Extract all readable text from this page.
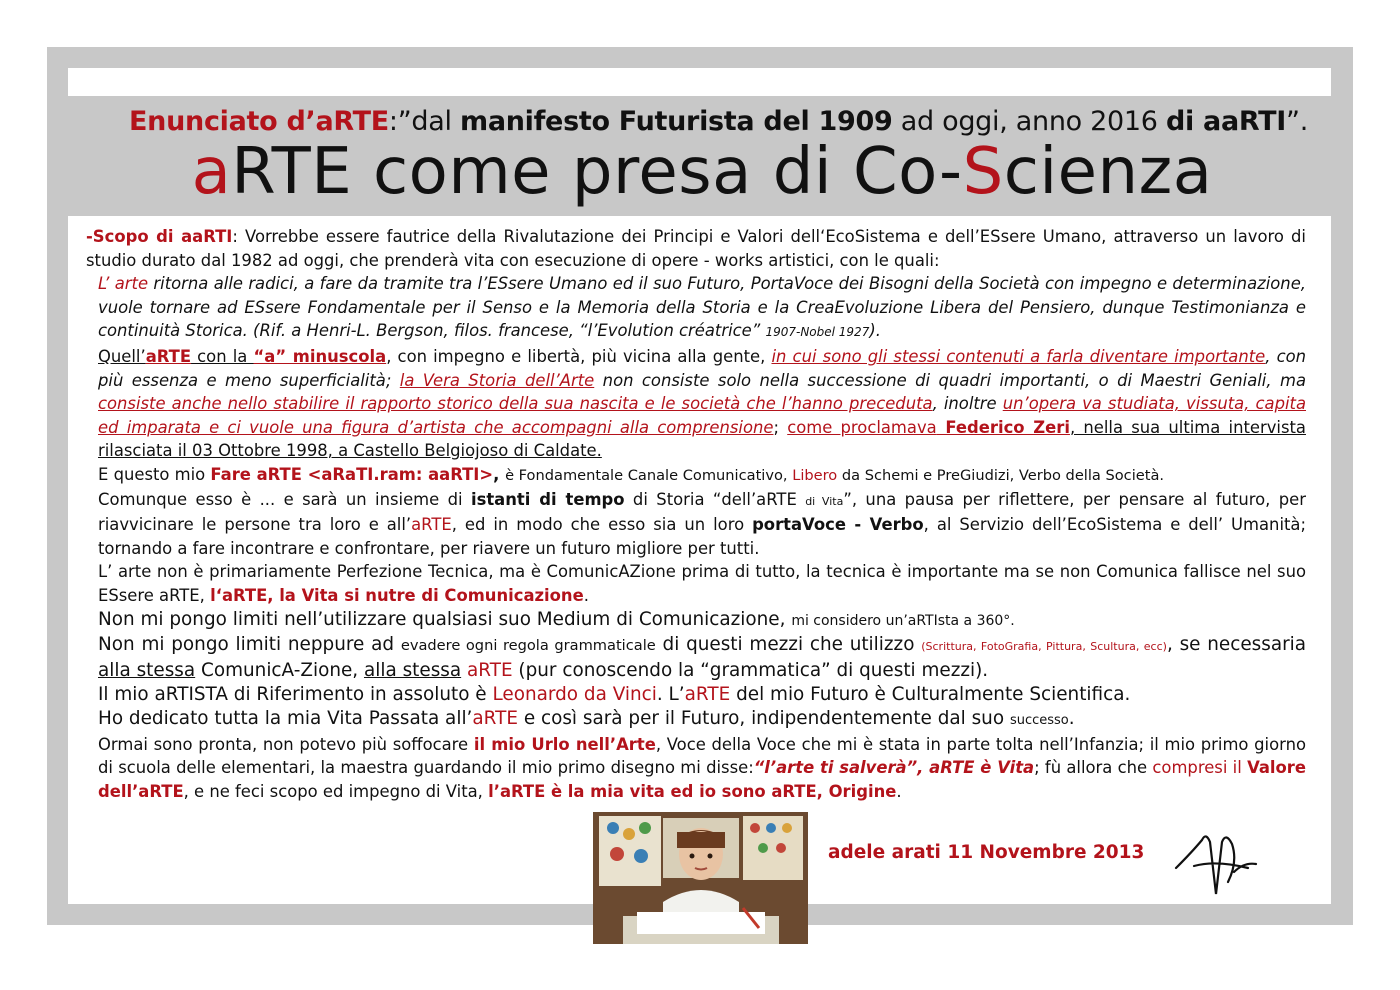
Enunciato d’aRTE:”dal manifesto Futurista del 1909 ad oggi, anno 2016 di aaRTI”.
aRTE come presa di Co-Scienza

-Scopo di aaRTI: Vorrebbe essere fautrice della Rivalutazione dei Principi e Valori dell‘EcoSistema e dell’ESsere Umano, attraverso un lavoro di studio durato dal 1982 ad oggi, che prenderà vita con esecuzione di opere - works artistici, con le quali:

L’ arte ritorna alle radici, a fare da tramite tra l’ESsere Umano ed il suo Futuro, PortaVoce dei Bisogni della Società con impegno e determinazione, vuole tornare ad ESsere Fondamentale per il Senso e la Memoria della Storia e la CreaEvoluzione Libera del Pensiero, dunque Testimonianza e continuità Storica. (Rif. a Henri-L. Bergson, filos. francese, “l’Evolution créatrice” 1907-Nobel 1927).

Quell’aRTE con la “a” minuscola, con impegno e libertà, più vicina alla gente, in cui sono gli stessi contenuti a farla diventare importante, con più essenza e meno superficialità; la Vera Storia dell’Arte non consiste solo nella successione di quadri importanti, o di Maestri Geniali, ma consiste anche nello stabilire il rapporto storico della sua nascita e le società che l’hanno preceduta, inoltre un’opera va studiata, vissuta, capita ed imparata e ci vuole una figura d’artista che accompagni alla comprensione; come proclamava Federico Zeri, nella sua ultima intervista rilasciata il 03 Ottobre 1998, a Castello Belgiojoso di Caldate.

E questo mio Fare aRTE <aRaTI.ram: aaRTI>, è Fondamentale Canale Comunicativo, Libero da Schemi e PreGiudizi, Verbo della Società.

Comunque esso è ... e sarà un insieme di istanti di tempo di Storia “dell’aRTE di Vita”, una pausa per riflettere, per pensare al futuro, per riavvicinare le persone tra loro e all’aRTE, ed in modo che esso sia un loro portaVoce - Verbo, al Servizio dell’EcoSistema e dell’ Umanità; tornando a fare incontrare e confrontare, per riavere un futuro migliore per tutti.

L’ arte non è primariamente Perfezione Tecnica, ma è ComunicAZione prima di tutto, la tecnica è importante ma se non Comunica fallisce nel suo ESsere aRTE, l‘aRTE, la Vita si nutre di Comunicazione.

Non mi pongo limiti nell’utilizzare qualsiasi suo Medium di Comunicazione, mi considero un’aRTIsta a 360°.

Non mi pongo limiti neppure ad evadere ogni regola grammaticale di questi mezzi che utilizzo (Scrittura, FotoGrafia, Pittura, Scultura, ecc), se necessaria alla stessa ComunicA-Zione, alla stessa aRTE (pur conoscendo la “grammatica” di questi mezzi).

Il mio aRTISTA di Riferimento in assoluto è Leonardo da Vinci. L’aRTE del mio Futuro è Culturalmente Scientifica.

Ho dedicato tutta la mia Vita Passata all’aRTE e così sarà per il Futuro, indipendentemente dal suo successo.

Ormai sono pronta, non potevo più soffocare il mio Urlo nell’Arte, Voce della Voce che mi è stata in parte tolta nell’Infanzia; il mio primo giorno di scuola delle elementari, la maestra guardando il mio primo disegno mi disse:“l’arte ti salverà”, aRTE è Vita; fù allora che compresi il Valore dell’aRTE, e ne feci scopo ed impegno di Vita, l’aRTE è la mia vita ed io sono aRTE, Origine.

adele arati 11 Novembre 2013
